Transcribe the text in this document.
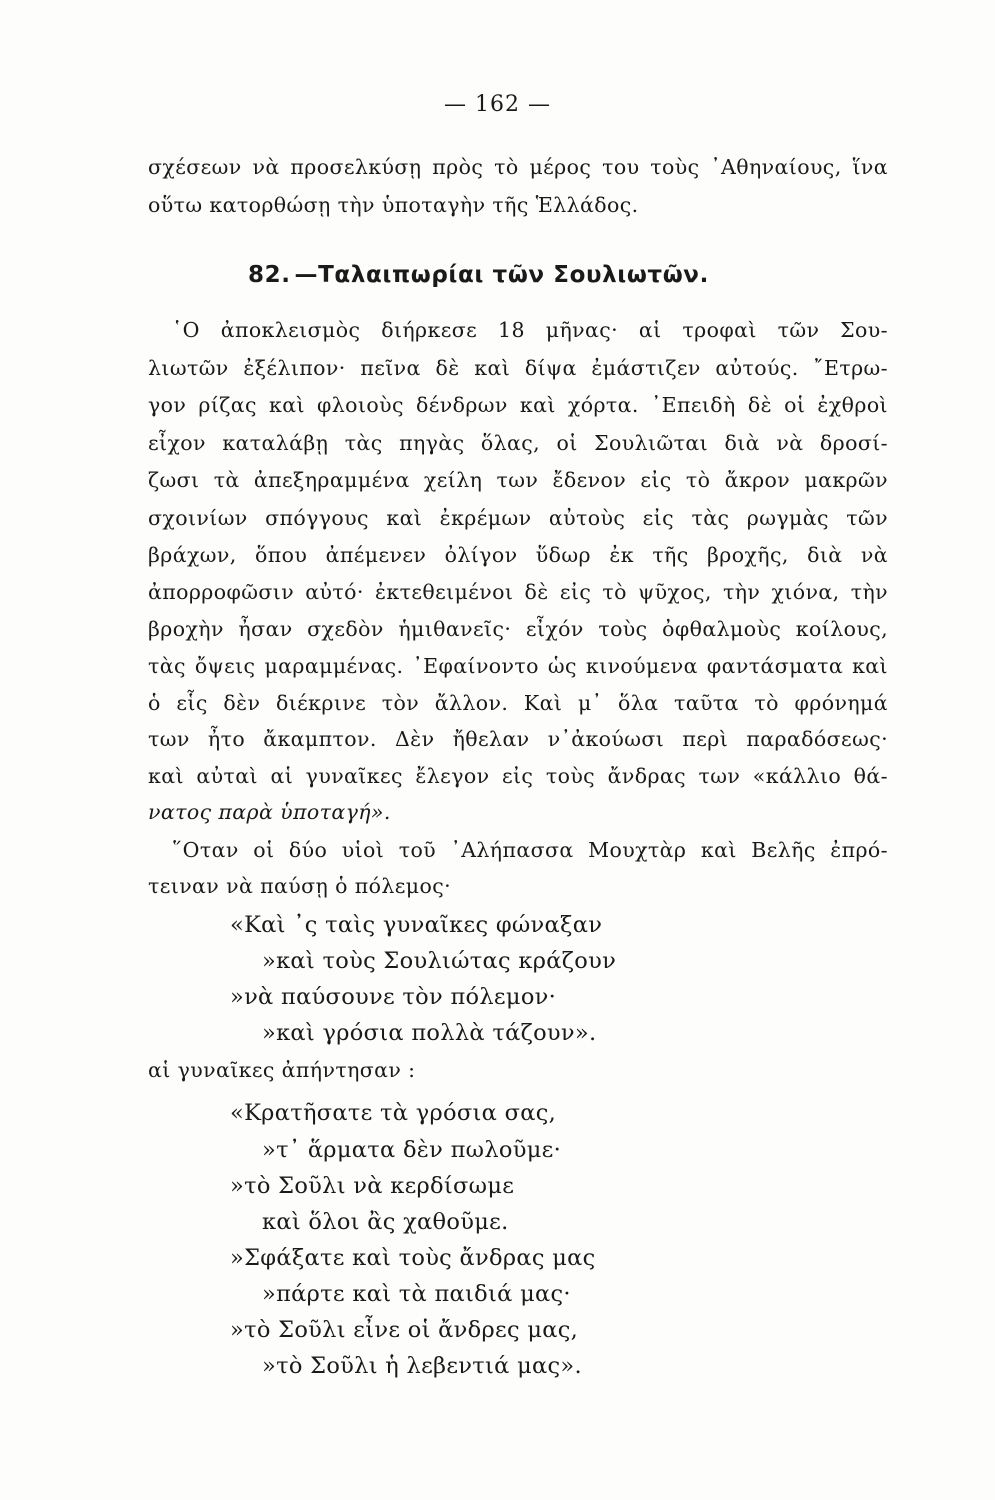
— 162 —
σχέσεων νὰ προσελκύσῃ πρὸς τὸ μέρος του τοὺς ᾿Αθηναίους, ἵνα
οὕτω κατορθώσῃ τὴν ὑποταγὴν τῆς Ἑλλάδος.
82. —Ταλαιπωρίαι τῶν Σουλιωτῶν.
῾Ο ἀποκλεισμὸς διήρκεσε 18 μῆνας· αἱ τροφαὶ τῶν Σου-
λιωτῶν ἐξέλιπον· πεῖνα δὲ καὶ δίψα ἐμάστιζεν αὐτούς. ῎Ετρω-
γον ρίζας καὶ φλοιοὺς δένδρων καὶ χόρτα. ᾿Επειδὴ δὲ οἱ ἐχθροὶ
εἶχον καταλάβῃ τὰς πηγὰς ὅλας, οἱ Σουλιῶται διὰ νὰ δροσί-
ζωσι τὰ ἀπεξηραμμένα χείλη των ἔδενον εἰς τὸ ἄκρον μακρῶν
σχοινίων σπόγγους καὶ ἐκρέμων αὐτοὺς εἰς τὰς ρωγμὰς τῶν
βράχων, ὅπου ἀπέμενεν ὀλίγον ὕδωρ ἐκ τῆς βροχῆς, διὰ νὰ
ἀπορροφῶσιν αὐτό· ἐκτεθειμένοι δὲ εἰς τὸ ψῦχος, τὴν χιόνα, τὴν
βροχὴν ἦσαν σχεδὸν ἡμιθανεῖς· εἶχόν τοὺς ὀφθαλμοὺς κοίλους,
τὰς ὄψεις μαραμμένας. ᾿Εφαίνοντο ὡς κινούμενα φαντάσματα καὶ
ὁ εἷς δὲν διέκρινε τὸν ἄλλον. Καὶ μ᾿ ὅλα ταῦτα τὸ φρόνημά
των ἦτο ἄκαμπτον. Δὲν ἤθελαν ν᾿ἀκούωσι περὶ παραδόσεως·
καὶ αὐταὶ αἱ γυναῖκες ἔλεγον εἰς τοὺς ἄνδρας των «κάλλιο θά-
νατος παρὰ ὑποταγή».
῞Οταν οἱ δύο υἱοὶ τοῦ ᾿Αλήπασσα Μουχτὰρ καὶ Βελῆς ἐπρό-
τειναν νὰ παύσῃ ὁ πόλεμος·
«Καὶ ᾽ς ταὶς γυναῖκες φώναξαν
»καὶ τοὺς Σουλιώτας κράζουν
»νὰ παύσουνε τὸν πόλεμον·
»καὶ γρόσια πολλὰ τάζουν».
αἱ γυναῖκες ἀπήντησαν :
«Κρατῆσατε τὰ γρόσια σας,
»τ᾿ ἅρματα δὲν πωλοῦμε·
»τὸ Σοῦλι νὰ κερδίσωμε
καὶ ὅλοι ἂς χαθοῦμε.
»Σφάξατε καὶ τοὺς ἄνδρας μας
»πάρτε καὶ τὰ παιδιά μας·
»τὸ Σοῦλι εἶνε οἱ ἄνδρες μας,
»τὸ Σοῦλι ἡ λεβεντιά μας».
